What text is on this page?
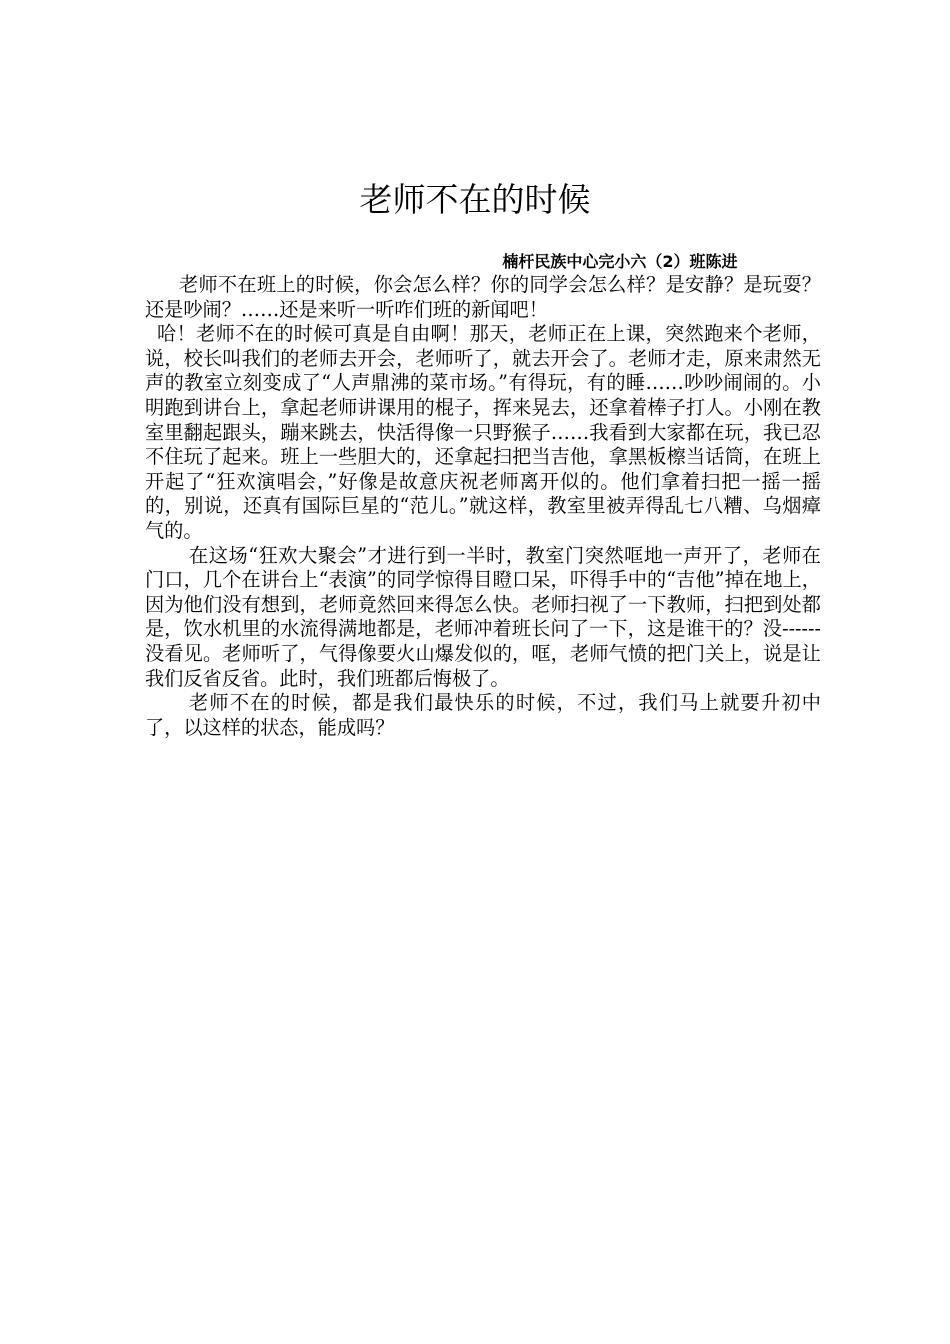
老师不在的时候
楠杆民族中心完小六（2）班陈进

老师不在班上的时候，你会怎么样？你的同学会怎么样？是安静？是玩耍？还是吵闹？……还是来听一听咋们班的新闻吧！

哈！老师不在的时候可真是自由啊！那天，老师正在上课，突然跑来个老师，说，校长叫我们的老师去开会，老师听了，就去开会了。老师才走，原来肃然无声的教室立刻变成了“人声鼎沸的菜市场。”有得玩，有的睡……吵吵闹闹的。小明跑到讲台上，拿起老师讲课用的棍子，挥来晃去，还拿着棒子打人。小刚在教室里翻起跟头，蹦来跳去，快活得像一只野猴子……我看到大家都在玩，我已忍不住玩了起来。班上一些胆大的，还拿起扫把当吉他，拿黑板檫当话筒，在班上开起了“狂欢演唱会，”好像是故意庆祝老师离开似的。他们拿着扫把一摇一摇的，别说，还真有国际巨星的“范儿。”就这样，教室里被弄得乱七八糟、乌烟瘴气的。

在这场“狂欢大聚会”才进行到一半时，教室门突然哐地一声开了，老师在门口，几个在讲台上“表演”的同学惊得目瞪口呆，吓得手中的“吉他”掉在地上，因为他们没有想到，老师竟然回来得怎么快。老师扫视了一下教师，扫把到处都是，饮水机里的水流得满地都是，老师冲着班长问了一下，这是谁干的？没------没看见。老师听了，气得像要火山爆发似的，哐，老师气愤的把门关上，说是让我们反省反省。此时，我们班都后悔极了。

老师不在的时候，都是我们最快乐的时候，不过，我们马上就要升初中了，以这样的状态，能成吗？
